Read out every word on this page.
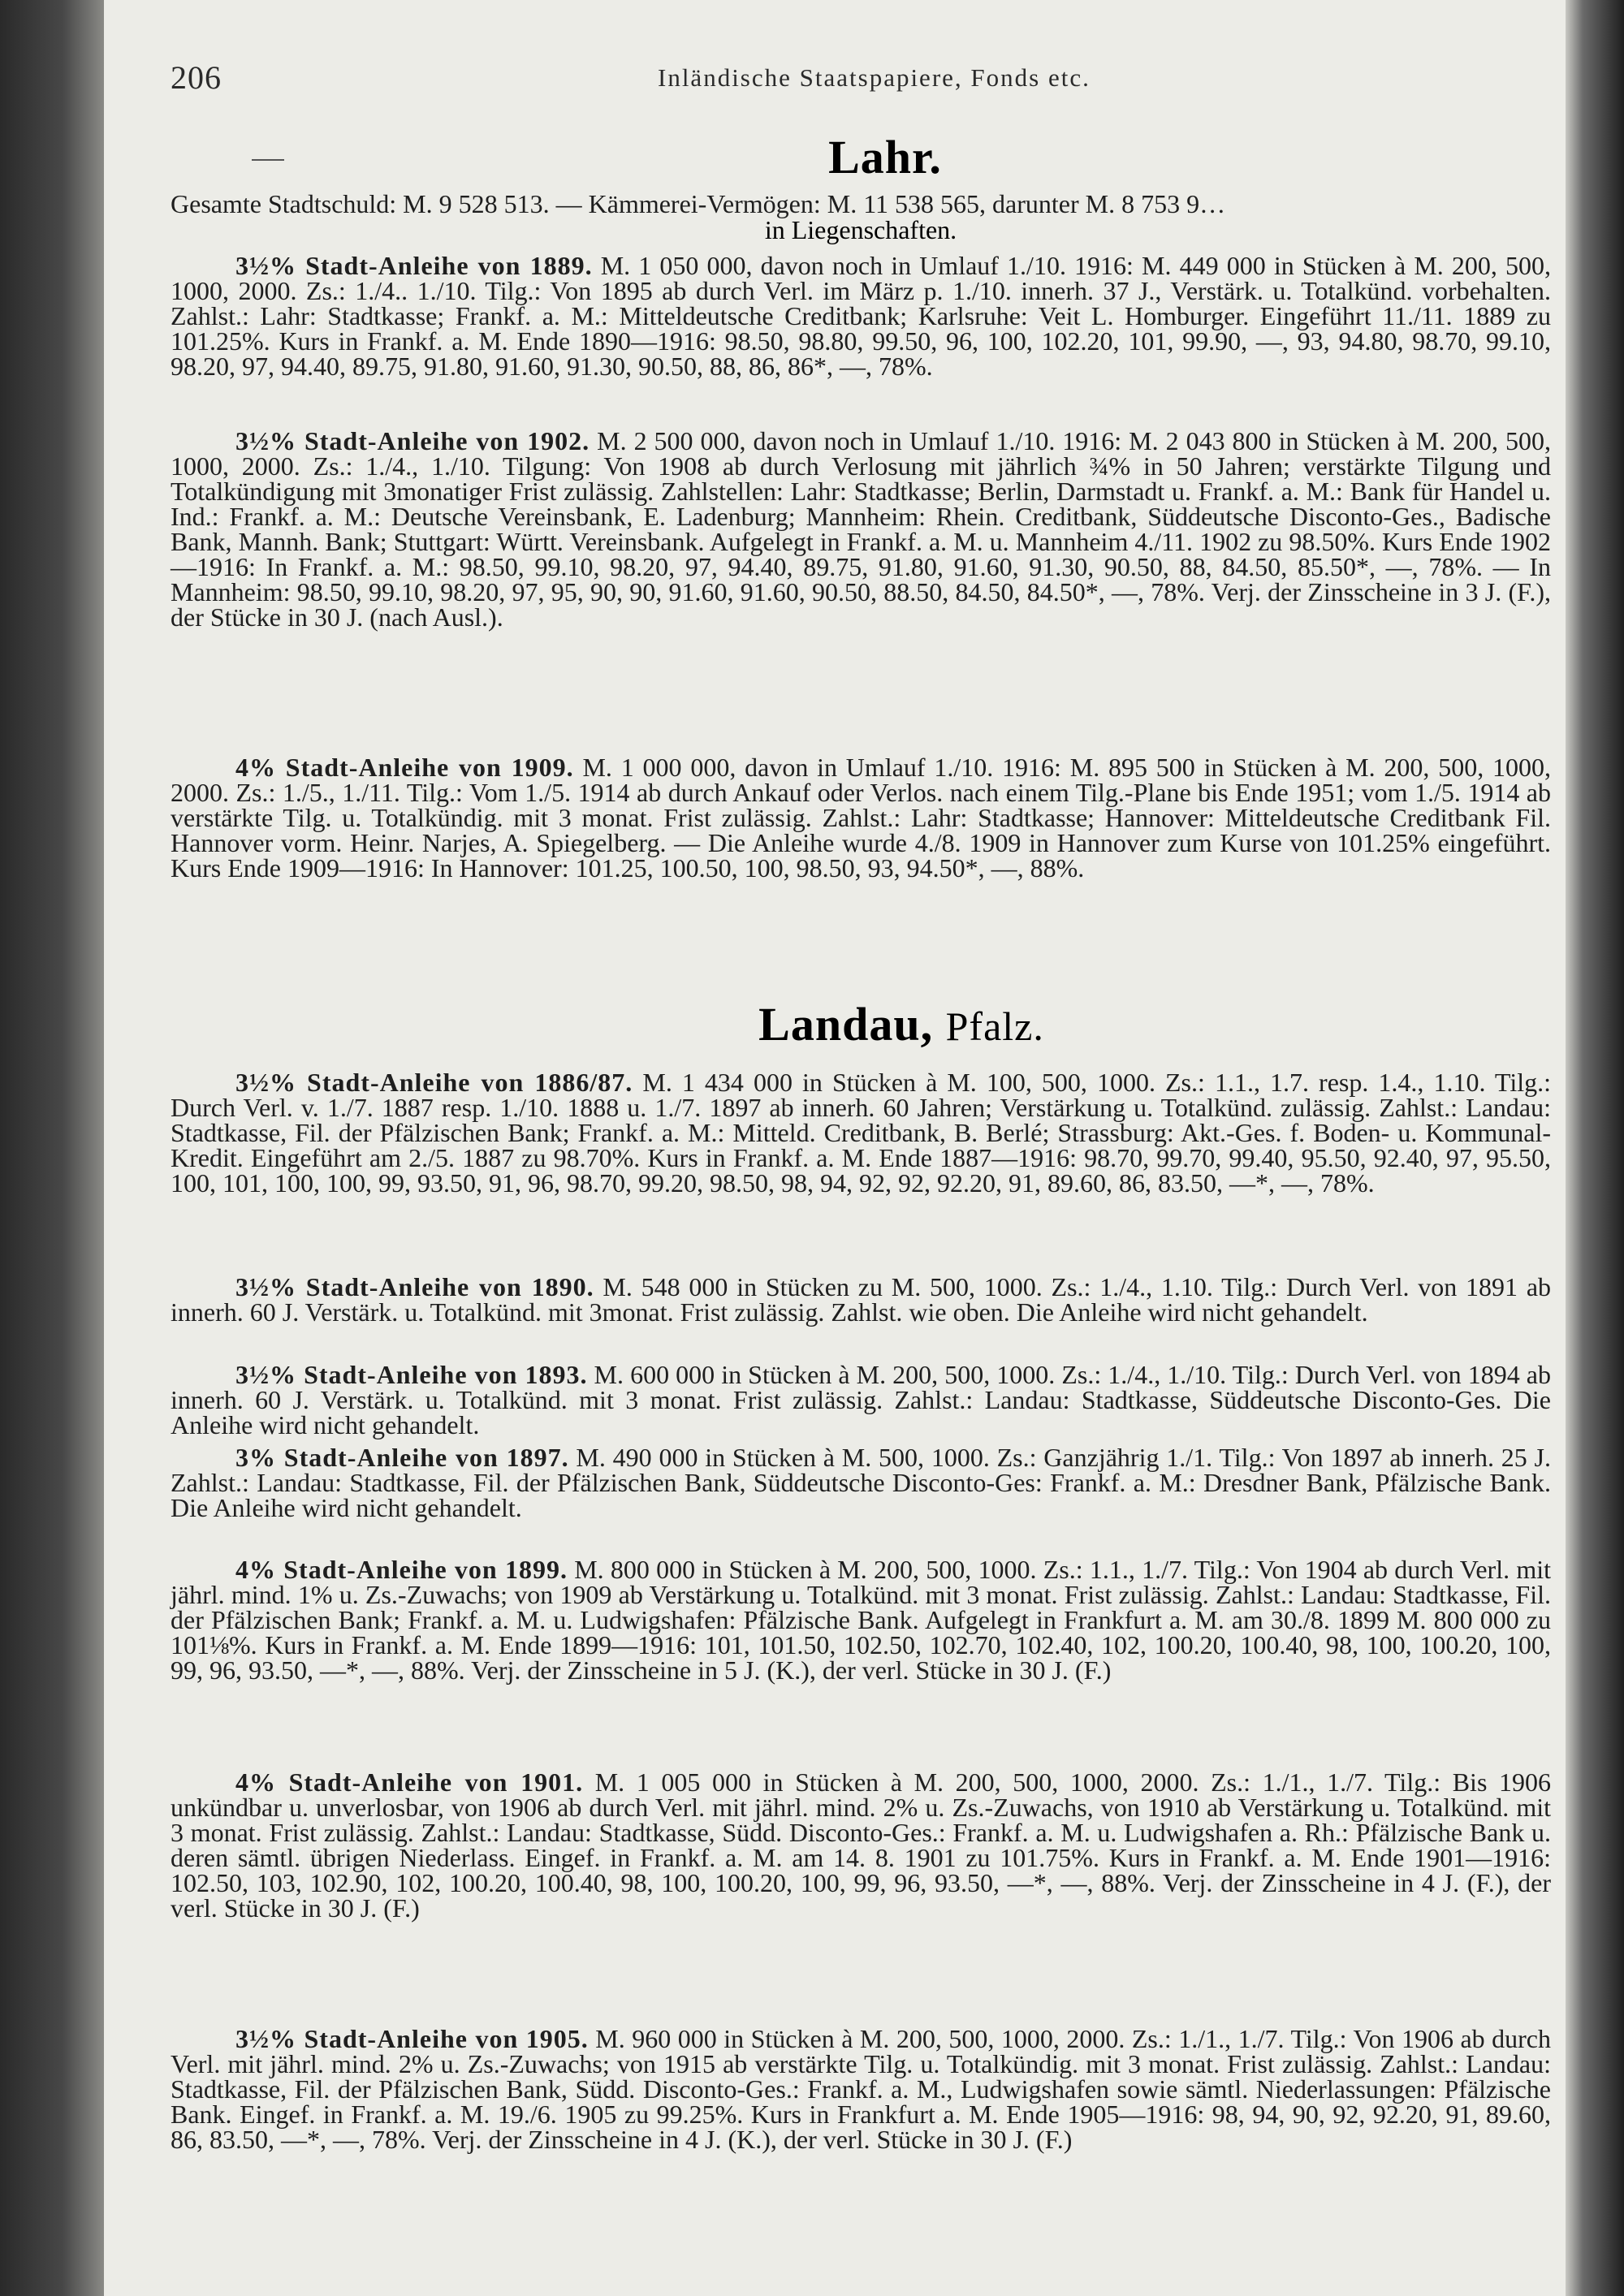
206	Inländische Staatspapiere, Fonds etc.
Lahr.
Gesamte Stadtschuld: M. 9 528 513. — Kämmerei-Vermögen: M. 11 538 565, darunter M. 8 753 9…
in Liegenschaften.
3½% Stadt-Anleihe von 1889. M. 1 050 000, davon noch in Umlauf 1./10. 1916: M. 449 000 in Stücken à M. 200, 500, 1000, 2000. Zs.: 1./4.. 1./10. Tilg.: Von 1895 ab durch Verl. im März p. 1./10. innerh. 37 J., Verstärk. u. Totalkünd. vorbehalten. Zahlst.: Lahr: Stadtkasse; Frankf. a. M.: Mitteldeutsche Creditbank; Karlsruhe: Veit L. Homburger. Eingeführt 11./11. 1889 zu 101.25%. Kurs in Frankf. a. M. Ende 1890—1916: 98.50, 98.80, 99.50, 96, 100, 102.20, 101, 99.90, —, 93, 94.80, 98.70, 99.10, 98.20, 97, 94.40, 89.75, 91.80, 91.60, 91.30, 90.50, 88, 86, 86*, —, 78%.
3½% Stadt-Anleihe von 1902. M. 2 500 000, davon noch in Umlauf 1./10. 1916: M. 2 043 800 in Stücken à M. 200, 500, 1000, 2000. Zs.: 1./4., 1./10. Tilgung: Von 1908 ab durch Verlosung mit jährlich ¾% in 50 Jahren; verstärkte Tilgung und Totalkündigung mit 3monatiger Frist zulässig. Zahlstellen: Lahr: Stadtkasse; Berlin, Darmstadt u. Frankf. a. M.: Bank für Handel u. Ind.: Frankf. a. M.: Deutsche Vereinsbank, E. Ladenburg; Mannheim: Rhein. Creditbank, Süddeutsche Disconto-Ges., Badische Bank, Mannh. Bank; Stuttgart: Württ. Vereinsbank. Aufgelegt in Frankf. a. M. u. Mannheim 4./11. 1902 zu 98.50%. Kurs Ende 1902—1916: In Frankf. a. M.: 98.50, 99.10, 98.20, 97, 94.40, 89.75, 91.80, 91.60, 91.30, 90.50, 88, 84.50, 85.50*, —, 78%. — In Mannheim: 98.50, 99.10, 98.20, 97, 95, 90, 90, 91.60, 91.60, 90.50, 88.50, 84.50, 84.50*, —, 78%. Verj. der Zinsscheine in 3 J. (F.), der Stücke in 30 J. (nach Ausl.).
4% Stadt-Anleihe von 1909. M. 1 000 000, davon in Umlauf 1./10. 1916: M. 895 500 in Stücken à M. 200, 500, 1000, 2000. Zs.: 1./5., 1./11. Tilg.: Vom 1./5. 1914 ab durch Ankauf oder Verlos. nach einem Tilg.-Plane bis Ende 1951; vom 1./5. 1914 ab verstärkte Tilg. u. Totalkündig. mit 3 monat. Frist zulässig. Zahlst.: Lahr: Stadtkasse; Hannover: Mitteldeutsche Creditbank Fil. Hannover vorm. Heinr. Narjes, A. Spiegelberg. — Die Anleihe wurde 4./8. 1909 in Hannover zum Kurse von 101.25% eingeführt. Kurs Ende 1909—1916: In Hannover: 101.25, 100.50, 100, 98.50, 93, 94.50*, —, 88%.
Landau, Pfalz.
3½% Stadt-Anleihe von 1886/87. M. 1 434 000 in Stücken à M. 100, 500, 1000. Zs.: 1.1., 1.7. resp. 1.4., 1.10. Tilg.: Durch Verl. v. 1./7. 1887 resp. 1./10. 1888 u. 1./7. 1897 ab innerh. 60 Jahren; Verstärkung u. Totalkünd. zulässig. Zahlst.: Landau: Stadtkasse, Fil. der Pfälzischen Bank; Frankf. a. M.: Mitteld. Creditbank, B. Berlé; Strassburg: Akt.-Ges. f. Boden- u. Kommunal-Kredit. Eingeführt am 2./5. 1887 zu 98.70%. Kurs in Frankf. a. M. Ende 1887—1916: 98.70, 99.70, 99.40, 95.50, 92.40, 97, 95.50, 100, 101, 100, 100, 99, 93.50, 91, 96, 98.70, 99.20, 98.50, 98, 94, 92, 92, 92.20, 91, 89.60, 86, 83.50, —*, —, 78%.
3½% Stadt-Anleihe von 1890. M. 548 000 in Stücken zu M. 500, 1000. Zs.: 1./4., 1.10. Tilg.: Durch Verl. von 1891 ab innerh. 60 J. Verstärk. u. Totalkünd. mit 3monat. Frist zulässig. Zahlst. wie oben. Die Anleihe wird nicht gehandelt.
3½% Stadt-Anleihe von 1893. M. 600 000 in Stücken à M. 200, 500, 1000. Zs.: 1./4., 1./10. Tilg.: Durch Verl. von 1894 ab innerh. 60 J. Verstärk. u. Totalkünd. mit 3 monat. Frist zulässig. Zahlst.: Landau: Stadtkasse, Süddeutsche Disconto-Ges. Die Anleihe wird nicht gehandelt.
3% Stadt-Anleihe von 1897. M. 490 000 in Stücken à M. 500, 1000. Zs.: Ganzjährig 1./1. Tilg.: Von 1897 ab innerh. 25 J. Zahlst.: Landau: Stadtkasse, Fil. der Pfälzischen Bank, Süddeutsche Disconto-Ges: Frankf. a. M.: Dresdner Bank, Pfälzische Bank. Die Anleihe wird nicht gehandelt.
4% Stadt-Anleihe von 1899. M. 800 000 in Stücken à M. 200, 500, 1000. Zs.: 1.1., 1./7. Tilg.: Von 1904 ab durch Verl. mit jährl. mind. 1% u. Zs.-Zuwachs; von 1909 ab Verstärkung u. Totalkünd. mit 3 monat. Frist zulässig. Zahlst.: Landau: Stadtkasse, Fil. der Pfälzischen Bank; Frankf. a. M. u. Ludwigshafen: Pfälzische Bank. Aufgelegt in Frankfurt a. M. am 30./8. 1899 M. 800 000 zu 101⅛%. Kurs in Frankf. a. M. Ende 1899—1916: 101, 101.50, 102.50, 102.70, 102.40, 102, 100.20, 100.40, 98, 100, 100.20, 100, 99, 96, 93.50, —*, —, 88%. Verj. der Zinsscheine in 5 J. (K.), der verl. Stücke in 30 J. (F.)
4% Stadt-Anleihe von 1901. M. 1 005 000 in Stücken à M. 200, 500, 1000, 2000. Zs.: 1./1., 1./7. Tilg.: Bis 1906 unkündbar u. unverlosbar, von 1906 ab durch Verl. mit jährl. mind. 2% u. Zs.-Zuwachs, von 1910 ab Verstärkung u. Totalkünd. mit 3 monat. Frist zulässig. Zahlst.: Landau: Stadtkasse, Südd. Disconto-Ges.: Frankf. a. M. u. Ludwigshafen a. Rh.: Pfälzische Bank u. deren sämtl. übrigen Niederlass. Eingef. in Frankf. a. M. am 14. 8. 1901 zu 101.75%. Kurs in Frankf. a. M. Ende 1901—1916: 102.50, 103, 102.90, 102, 100.20, 100.40, 98, 100, 100.20, 100, 99, 96, 93.50, —*, —, 88%. Verj. der Zinsscheine in 4 J. (F.), der verl. Stücke in 30 J. (F.)
3½% Stadt-Anleihe von 1905. M. 960 000 in Stücken à M. 200, 500, 1000, 2000. Zs.: 1./1., 1./7. Tilg.: Von 1906 ab durch Verl. mit jährl. mind. 2% u. Zs.-Zuwachs; von 1915 ab verstärkte Tilg. u. Totalkündig. mit 3 monat. Frist zulässig. Zahlst.: Landau: Stadtkasse, Fil. der Pfälzischen Bank, Südd. Disconto-Ges.: Frankf. a. M., Ludwigshafen sowie sämtl. Niederlassungen: Pfälzische Bank. Eingef. in Frankf. a. M. 19./6. 1905 zu 99.25%. Kurs in Frankfurt a. M. Ende 1905—1916: 98, 94, 90, 92, 92.20, 91, 89.60, 86, 83.50, —*, —, 78%. Verj. der Zinsscheine in 4 J. (K.), der verl. Stücke in 30 J. (F.)
